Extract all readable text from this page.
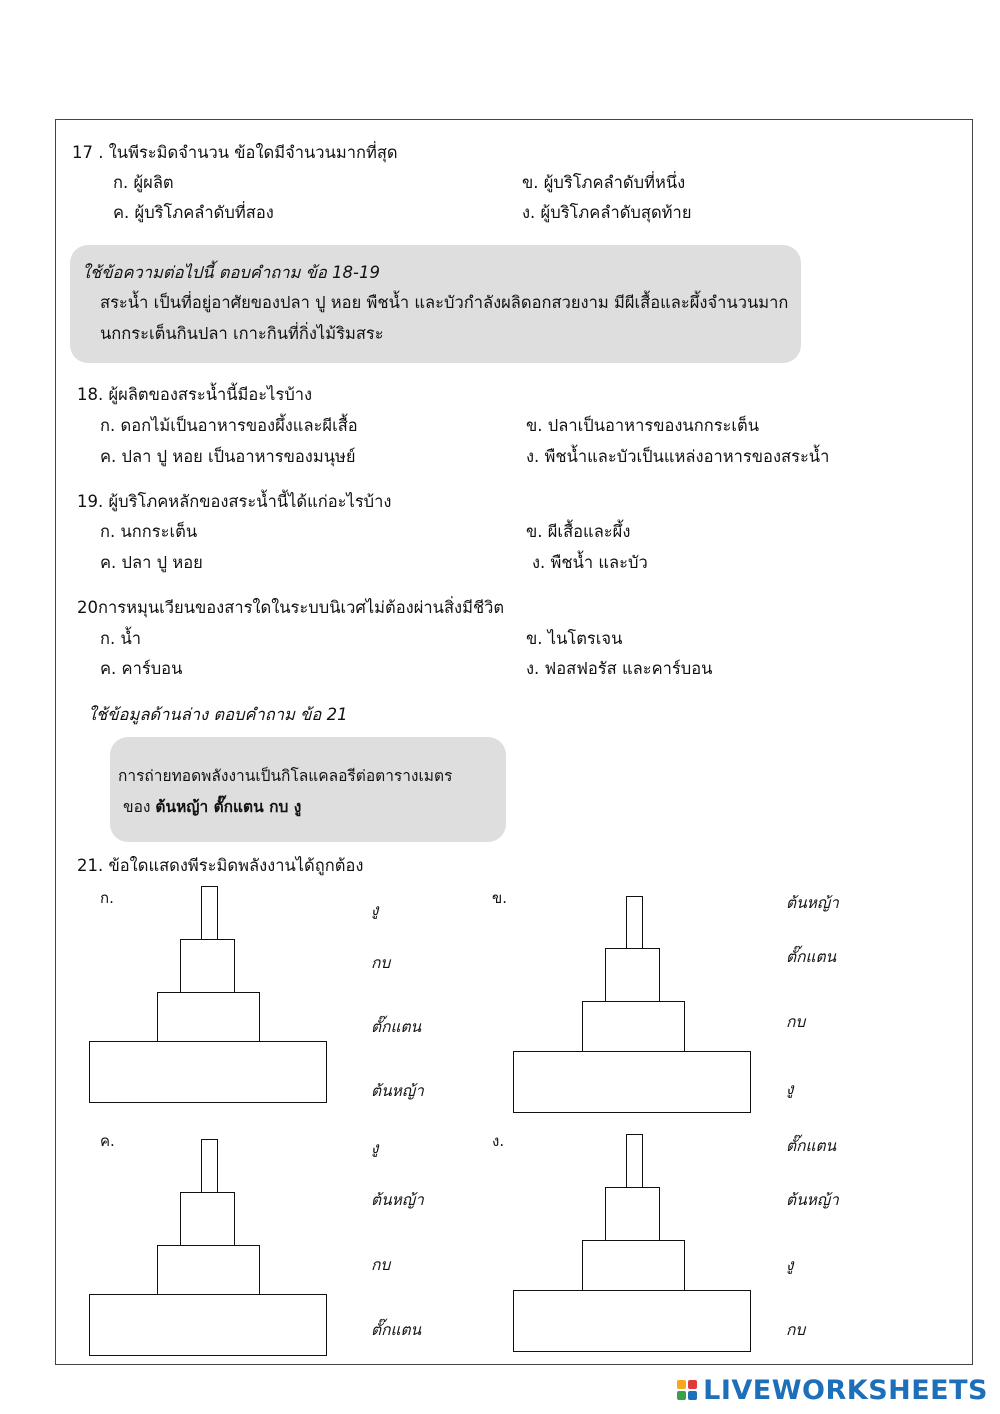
17 . ในพีระมิดจำนวน ข้อใดมีจำนวนมากที่สุด
ก. ผู้ผลิต	ข. ผู้บริโภคลำดับที่หนึ่ง
ค. ผู้บริโภคลำดับที่สอง	ง. ผู้บริโภคลำดับสุดท้าย
ใช้ข้อความต่อไปนี้ ตอบคำถาม ข้อ 18-19
สระน้ำ เป็นที่อยู่อาศัยของปลา ปู หอย พืชน้ำ และบัวกำลังผลิดอกสวยงาม มีผีเสื้อและผึ้งจำนวนมาก
นกกระเต็นกินปลา เกาะกินที่กิ่งไม้ริมสระ
18. ผู้ผลิตของสระน้ำนี้มีอะไรบ้าง
ก. ดอกไม้เป็นอาหารของผึ้งและผีเสื้อ	ข. ปลาเป็นอาหารของนกกระเต็น
ค. ปลา ปู หอย เป็นอาหารของมนุษย์	ง. พืชน้ำและบัวเป็นแหล่งอาหารของสระน้ำ
19. ผู้บริโภคหลักของสระน้ำนี้ได้แก่อะไรบ้าง
ก. นกกระเต็น	ข. ผีเสื้อและผึ้ง
ค. ปลา ปู หอย	ง. พืชน้ำ และบัว
20การหมุนเวียนของสารใดในระบบนิเวศไม่ต้องผ่านสิ่งมีชีวิต
ก. น้ำ	ข. ไนโตรเจน
ค. คาร์บอน	ง. ฟอสฟอรัส และคาร์บอน
ใช้ข้อมูลด้านล่าง ตอบคำถาม ข้อ 21
การถ่ายทอดพลังงานเป็นกิโลแคลอรีต่อตารางเมตร
ของ ต้นหญ้า ตั๊กแตน กบ งู
21. ข้อใดแสดงพีระมิดพลังงานได้ถูกต้อง
ก.
งู
กบ
ตั๊กแตน
ต้นหญ้า
ข.	ต้นหญ้า
ตั๊กแตน
กบ
งู
ค.	งู
ต้นหญ้า
กบ
ตั๊กแตน
ง.	ตั๊กแตน
ต้นหญ้า
งู
กบ
LIVEWORKSHEETS
